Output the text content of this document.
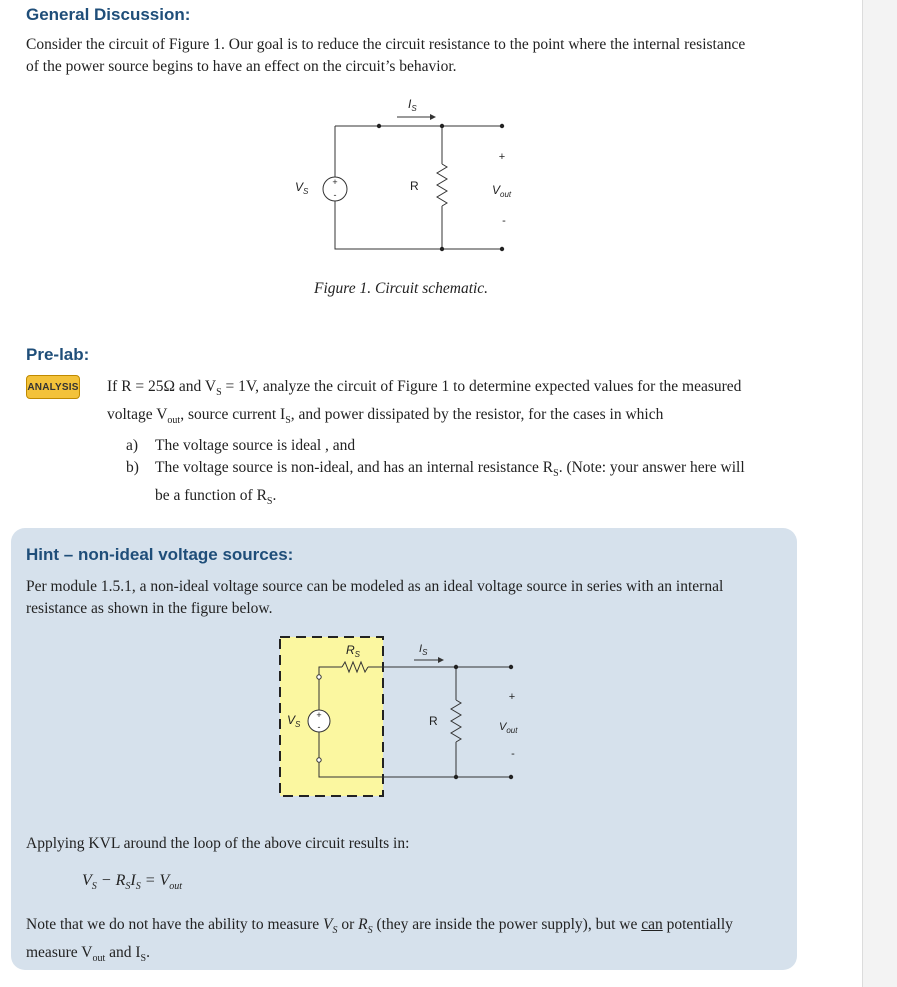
General Discussion:
Consider the circuit of Figure 1. Our goal is to reduce the circuit resistance to the point where the internal resistance of the power source begins to have an effect on the circuit’s behavior.
+
-
$I_S$
$V_S$	R
+
$V_{out}$
-
Figure 1. Circuit schematic.
Pre-lab:
ANALYSIS If R = 25Ω and $V_S = 1V$, analyze the circuit of Figure 1 to determine expected values for the measured
voltage $V_{out}$, source current $I_S$, and power dissipated by the resistor, for the cases in which
a) The voltage source is ideal , and
b) The voltage source is non-ideal, and has an internal resistance $R_S$. (Note: your answer here will
be a function of $R_S$.
Hint – non-ideal voltage sources:
Per module 1.5.1, a non-ideal voltage source can be modeled as an ideal voltage source in series with an internal resistance as shown in the figure below.
+
-
$R_S$	$I_S$
$V_S$	R
+
$V_{out}$
-
Applying KVL around the loop of the above circuit results in:
$V_S - R_SI_S = V_{out}$
Note that we do not have the ability to measure $V_S$ or $R_S$ (they are inside the power supply), but we can potentially
measure $V_{out}$ and $I_S$.
